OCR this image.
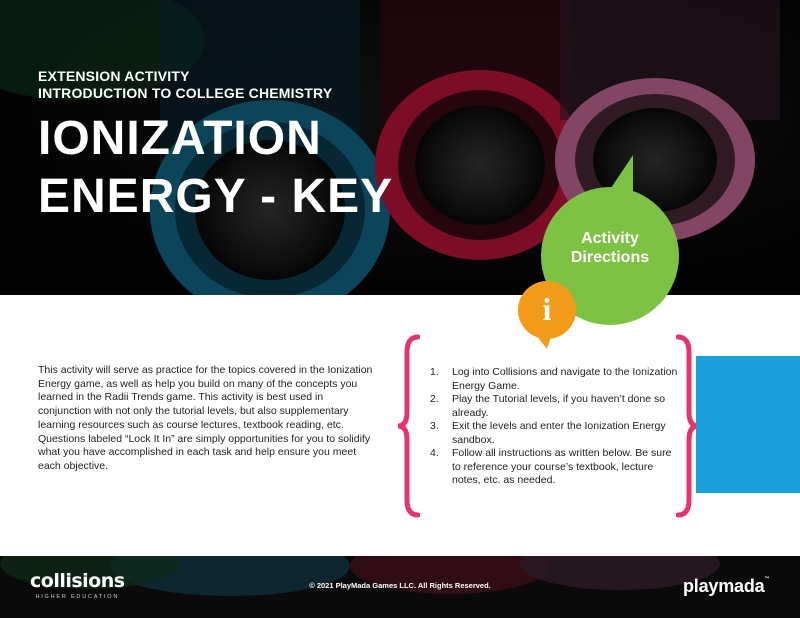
EXTENSION ACTIVITY

INTRODUCTION TO COLLEGE CHEMISTRY

IONIZATION
ENERGY - KEY
Activity
Directions
i
This activity will serve as practice for the topics covered in the Ionization Energy game, as well as help you build on many of the concepts you learned in the Radii Trends game. This activity is best used in conjunction with not only the tutorial levels, but also supplementary learning resources such as course lectures, textbook reading, etc. Questions labeled “Lock It In” are simply opportunities for you to solidify what you have accomplished in each task and help ensure you meet each objective.
1.	Log into Collisions and navigate to the Ionization Energy Game.
2.	Play the Tutorial levels, if you haven’t done so already.
3.	Exit the levels and enter the Ionization Energy sandbox.
4.	Follow all instructions as written below. Be sure to reference your course’s textbook, lecture notes, etc. as needed.
collisions
HIGHER EDUCATION
© 2021 PlayMada Games LLC. All Rights Reserved.	playmada™
